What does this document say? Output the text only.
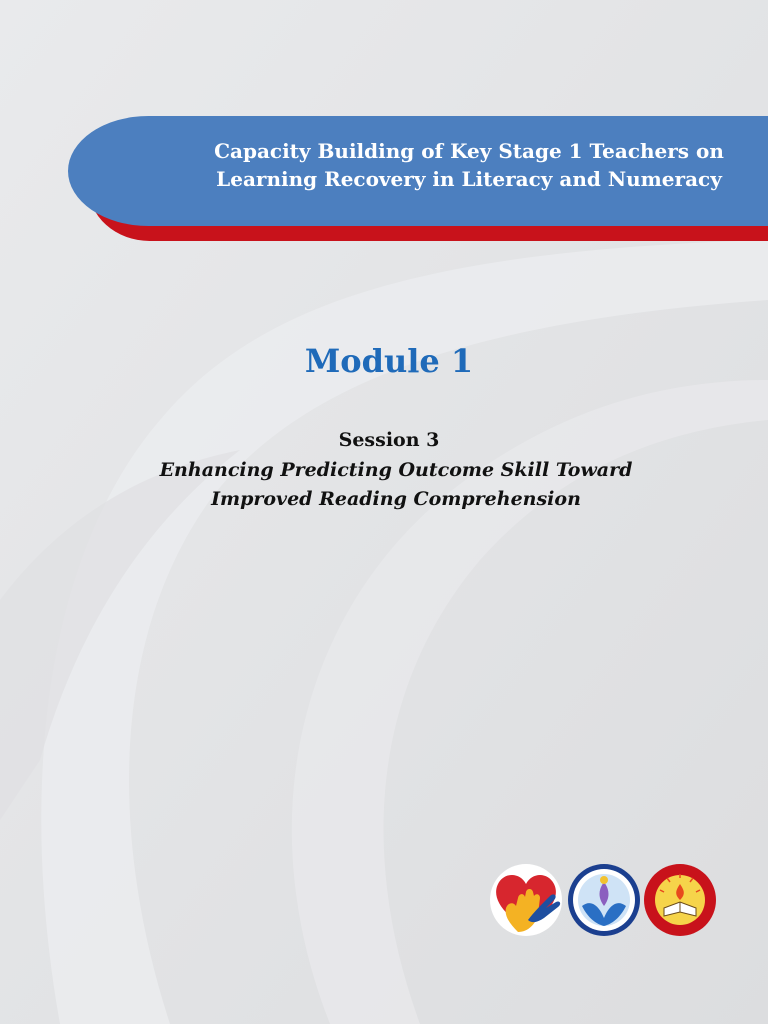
Capacity Building of Key Stage 1 Teachers on
Learning Recovery in Literacy and Numeracy
Module 1
Session 3
Enhancing Predicting Outcome Skill Toward
Improved Reading Comprehension
